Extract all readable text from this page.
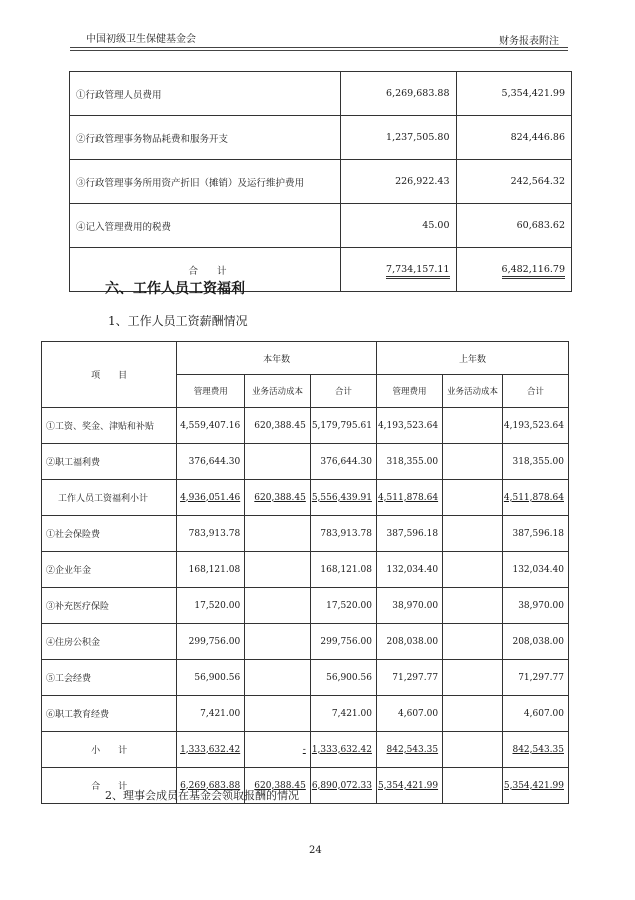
中国初级卫生保健基金会	财务报表附注
①行政管理人员费用	6,269,683.88	5,354,421.99
②行政管理事务物品耗费和服务开支	1,237,505.80	824,446.86
③行政管理事务所用资产折旧（摊销）及运行维护费用	226,922.43	242,564.32
④记入管理费用的税费	45.00	60,683.62
合　　计	7,734,157.11	6,482,116.79
六、工作人员工资福利
1、工作人员工资薪酬情况
项　　目	本年数			上年数		
	管理费用	业务活动成本	合计	管理费用	业务活动成本	合计
①工资、奖金、津贴和补贴	4,559,407.16	620,388.45	5,179,795.61	4,193,523.64		4,193,523.64
②职工福利费	376,644.30		376,644.30	318,355.00		318,355.00
工作人员工资福利小计	4,936,051.46	620,388.45	5,556,439.91	4,511,878.64		4,511,878.64
①社会保险费	783,913.78		783,913.78	387,596.18		387,596.18
②企业年金	168,121.08		168,121.08	132,034.40		132,034.40
③补充医疗保险	17,520.00		17,520.00	38,970.00		38,970.00
④住房公积金	299,756.00		299,756.00	208,038.00		208,038.00
⑤工会经费	56,900.56		56,900.56	71,297.77		71,297.77
⑥职工教育经费	7,421.00		7,421.00	4,607.00		4,607.00
小　　计	1,333,632.42	-	1,333,632.42	842,543.35		842,543.35
合　　计	6,269,683.88	620,388.45	6,890,072.33	5,354,421.99		5,354,421.99
2、理事会成员在基金会领取报酬的情况
24
